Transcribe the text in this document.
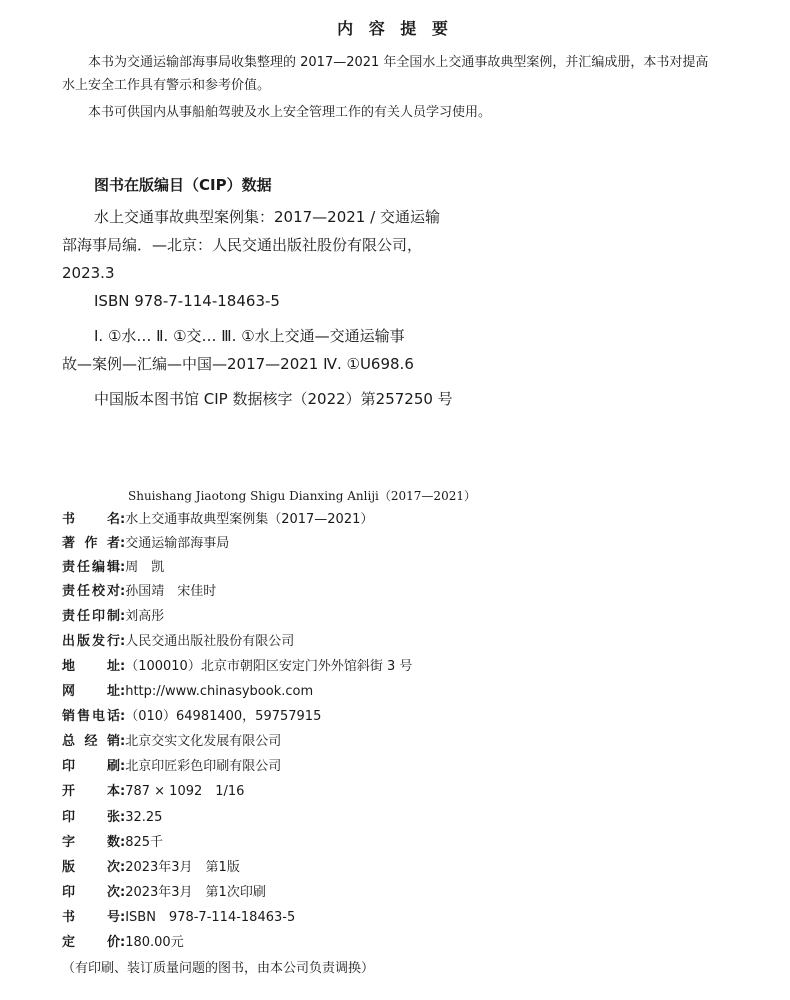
内 容 提 要
本书为交通运输部海事局收集整理的 2017—2021 年全国水上交通事故典型案例，并汇编成册，本书对提高
水上安全工作具有警示和参考价值。
本书可供国内从事船舶驾驶及水上安全管理工作的有关人员学习使用。
图书在版编目（CIP）数据
水上交通事故典型案例集：2017—2021 / 交通运输
部海事局编．—北京：人民交通出版社股份有限公司，
2023.3
ISBN 978-7-114-18463-5
Ⅰ. ①水… Ⅱ. ①交… Ⅲ. ①水上交通—交通运输事
故—案例—汇编—中国—2017—2021 Ⅳ. ①U698.6
中国版本图书馆 CIP 数据核字（2022）第257250 号
Shuishang Jiaotong Shigu Dianxing Anliji（2017—2021）
书名:水上交通事故典型案例集（2017—2021）
著作者:交通运输部海事局
责任编辑:周　凯
责任校对:孙国靖　宋佳时
责任印制:刘高彤
出版发行:人民交通出版社股份有限公司
地址:（100010）北京市朝阳区安定门外外馆斜街 3 号
网址:http://www.chinasybook.com
销售电话:（010）64981400，59757915
总经销:北京交实文化发展有限公司
印刷:北京印匠彩色印刷有限公司
开本:787 × 1092　1/16
印张:32.25
字数:825千
版次:2023年3月　第1版
印次:2023年3月　第1次印刷
书号:ISBN　978-7-114-18463-5
定价:180.00元
（有印刷、装订质量问题的图书，由本公司负责调换）
